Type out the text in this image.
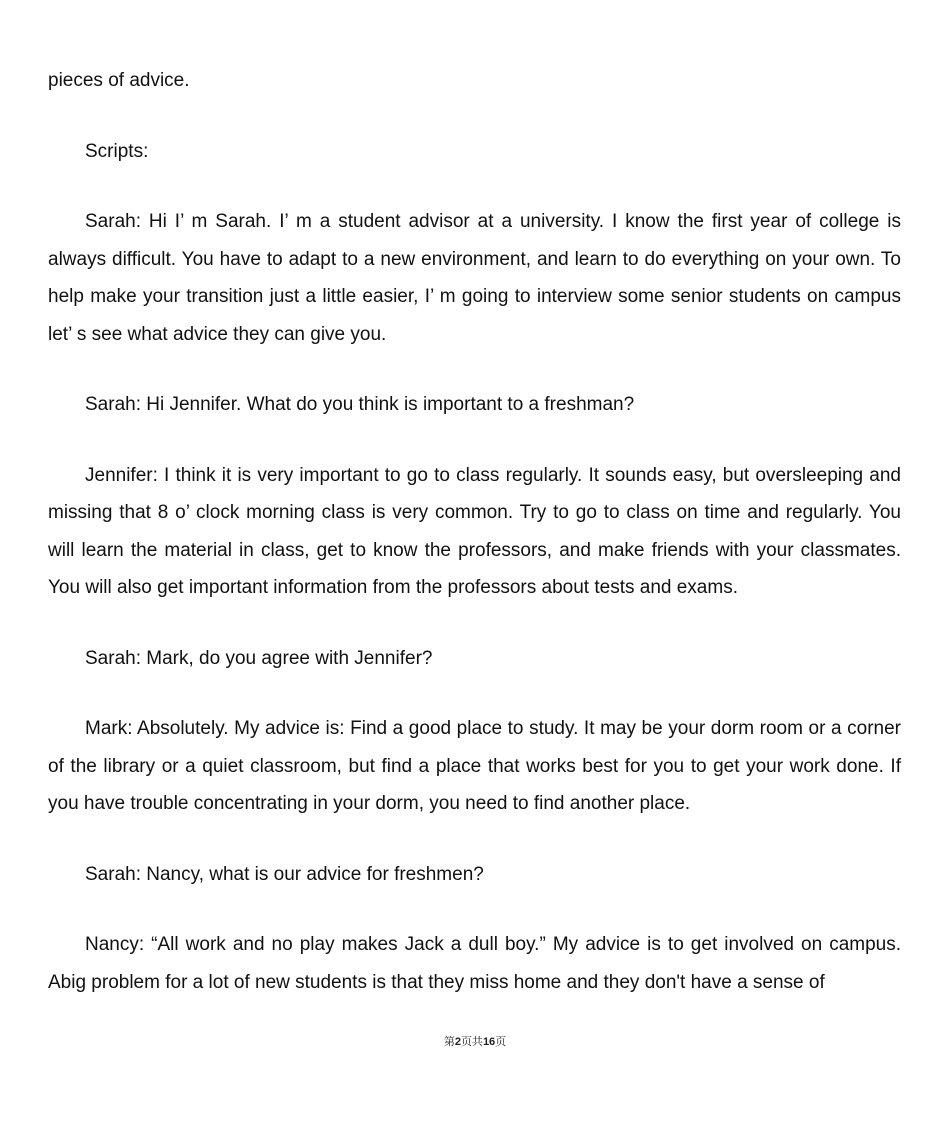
pieces of advice.

Scripts:

Sarah: Hi I’ m Sarah. I’ m a student advisor at a university. I know the first year of college is always difficult. You have to adapt to a new environment, and learn to do everything on your own. To help make your transition just a little easier, I’ m going to interview some senior students on campus let’ s see what advice they can give you.

Sarah: Hi Jennifer. What do you think is important to a freshman?

Jennifer: I think it is very important to go to class regularly. It sounds easy, but oversleeping and missing that 8 o’ clock morning class is very common. Try to go to class on time and regularly. You will learn the material in class, get to know the professors, and make friends with your classmates. You will also get important information from the professors about tests and exams.

Sarah: Mark, do you agree with Jennifer?

Mark: Absolutely. My advice is: Find a good place to study. It may be your dorm room or a corner of the library or a quiet classroom, but find a place that works best for you to get your work done. If you have trouble concentrating in your dorm, you need to find another place.

Sarah: Nancy, what is our advice for freshmen?

Nancy: “All work and no play makes Jack a dull boy.” My advice is to get involved on campus. Abig problem for a lot of new students is that they miss home and they don't have a sense of

第2页共16页
